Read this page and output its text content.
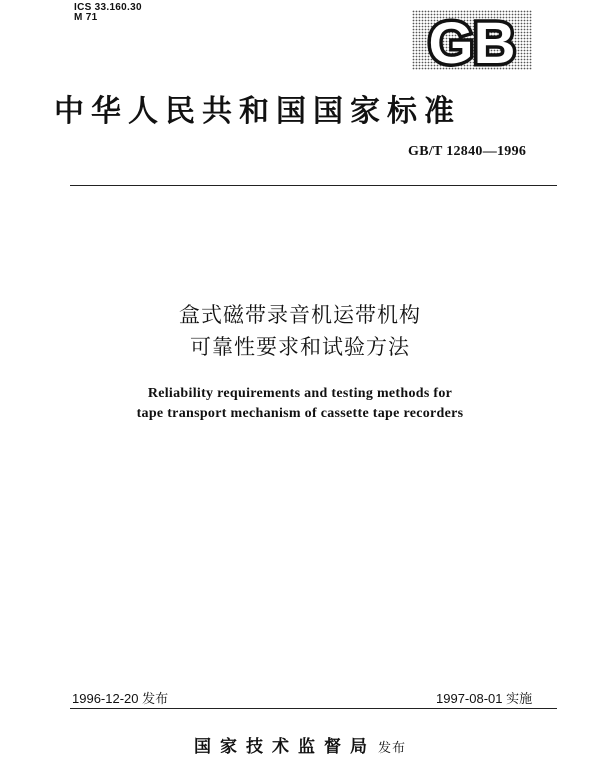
ICS 33.160.30
M 71	GB
中华人民共和国国家标准
GB/T 12840—1996
盒式磁带录音机运带机构
可靠性要求和试验方法
Reliability requirements and testing methods for
tape transport mechanism of cassette tape recorders
1996-12-20 发布	1997-08-01 实施
国家技术监督局 发布
